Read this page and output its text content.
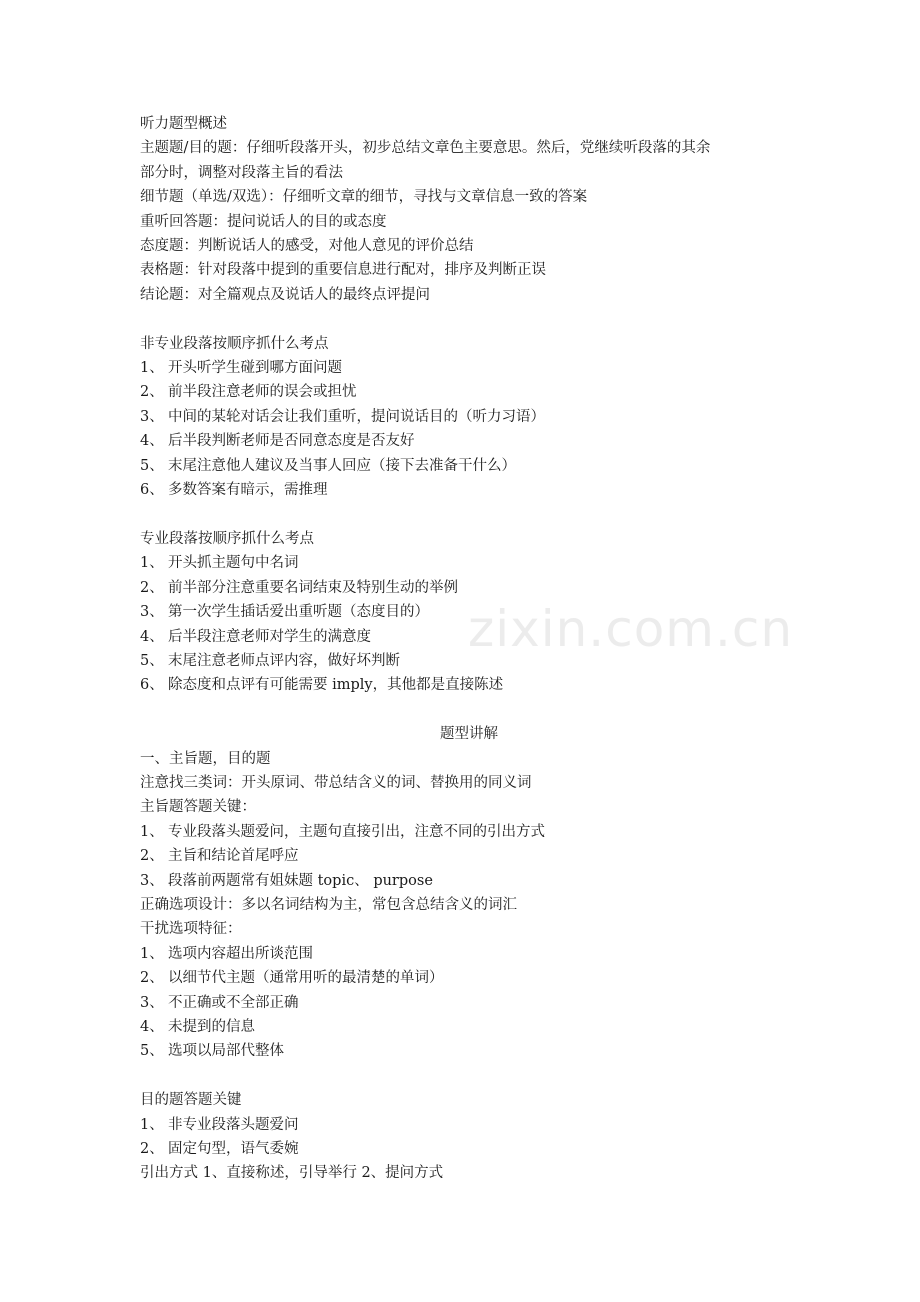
zixin.com.cn
听力题型概述
主题题/目的题：仔细听段落开头，初步总结文章色主要意思。然后，党继续听段落的其余
部分时，调整对段落主旨的看法
细节题（单选/双选）：仔细听文章的细节，寻找与文章信息一致的答案
重听回答题：提问说话人的目的或态度
态度题：判断说话人的感受，对他人意见的评价总结
表格题：针对段落中提到的重要信息进行配对，排序及判断正误
结论题：对全篇观点及说话人的最终点评提问
非专业段落按顺序抓什么考点
1、 开头听学生碰到哪方面问题
2、 前半段注意老师的误会或担忧
3、 中间的某轮对话会让我们重听，提问说话目的（听力习语）
4、 后半段判断老师是否同意态度是否友好
5、 末尾注意他人建议及当事人回应（接下去准备干什么）
6、 多数答案有暗示，需推理
专业段落按顺序抓什么考点
1、 开头抓主题句中名词
2、 前半部分注意重要名词结束及特别生动的举例
3、 第一次学生插话爱出重听题（态度目的）
4、 后半段注意老师对学生的满意度
5、 末尾注意老师点评内容，做好坏判断
6、 除态度和点评有可能需要 imply，其他都是直接陈述
题型讲解
一、主旨题，目的题
注意找三类词：开头原词、带总结含义的词、替换用的同义词
主旨题答题关键：
1、 专业段落头题爱问，主题句直接引出，注意不同的引出方式
2、 主旨和结论首尾呼应
3、 段落前两题常有姐妹题 topic、 purpose
正确选项设计：多以名词结构为主，常包含总结含义的词汇
干扰选项特征：
1、 选项内容超出所谈范围
2、 以细节代主题（通常用听的最清楚的单词）
3、 不正确或不全部正确
4、 未提到的信息
5、 选项以局部代整体
目的题答题关键
1、 非专业段落头题爱问
2、 固定句型，语气委婉
引出方式 1、直接称述，引导举行 2、提问方式
